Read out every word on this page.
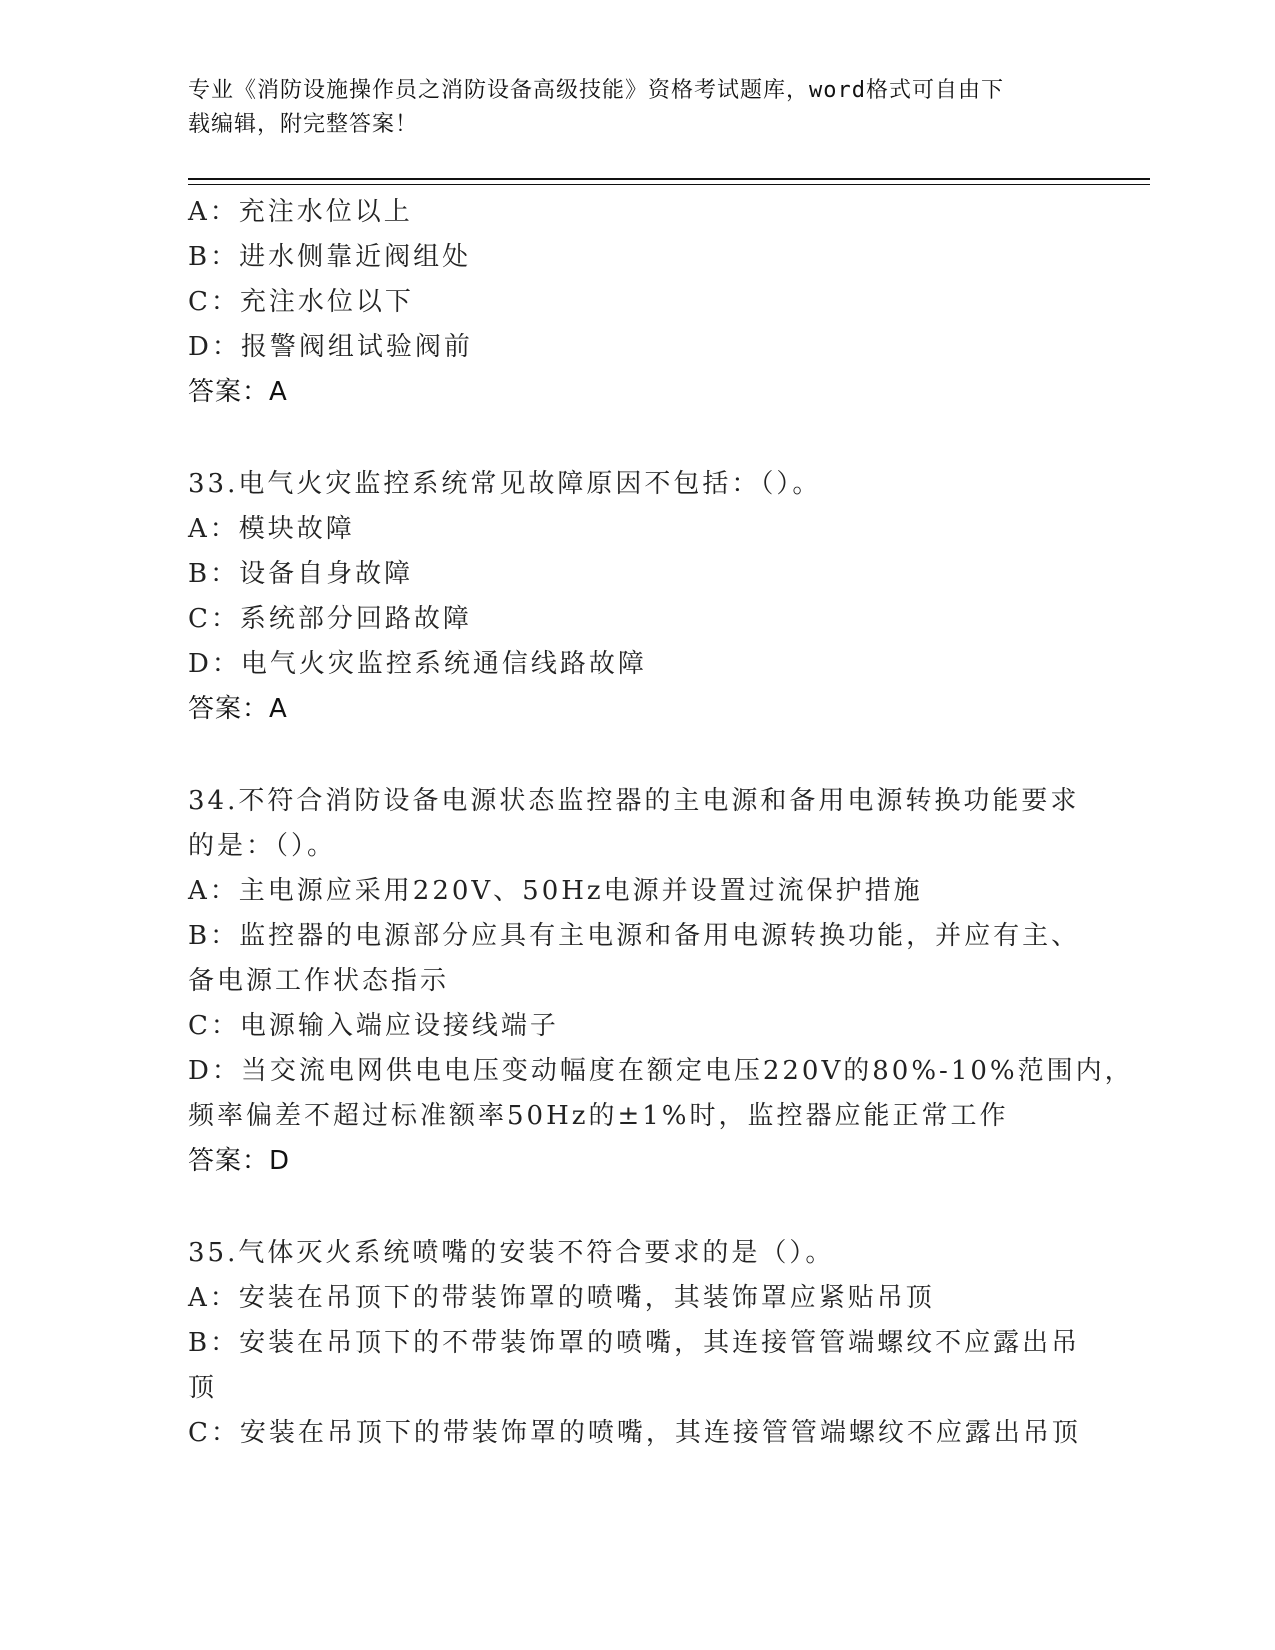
专业《消防设施操作员之消防设备高级技能》资格考试题库，word格式可自由下
载编辑，附完整答案！
A：充注水位以上
B：进水侧靠近阀组处
C：充注水位以下
D：报警阀组试验阀前
答案：A
33.电气火灾监控系统常见故障原因不包括：（）。
A：模块故障
B：设备自身故障
C：系统部分回路故障
D：电气火灾监控系统通信线路故障
答案：A
34.不符合消防设备电源状态监控器的主电源和备用电源转换功能要求
的是：（）。
A：主电源应采用220V、50Hz电源并设置过流保护措施
B：监控器的电源部分应具有主电源和备用电源转换功能，并应有主、
备电源工作状态指示
C：电源输入端应设接线端子
D：当交流电网供电电压变动幅度在额定电压220V的80%-10%范围内，
频率偏差不超过标准额率50Hz的±1%时，监控器应能正常工作
答案：D
35.气体灭火系统喷嘴的安装不符合要求的是（）。
A：安装在吊顶下的带装饰罩的喷嘴，其装饰罩应紧贴吊顶
B：安装在吊顶下的不带装饰罩的喷嘴，其连接管管端螺纹不应露出吊
顶
C：安装在吊顶下的带装饰罩的喷嘴，其连接管管端螺纹不应露出吊顶
